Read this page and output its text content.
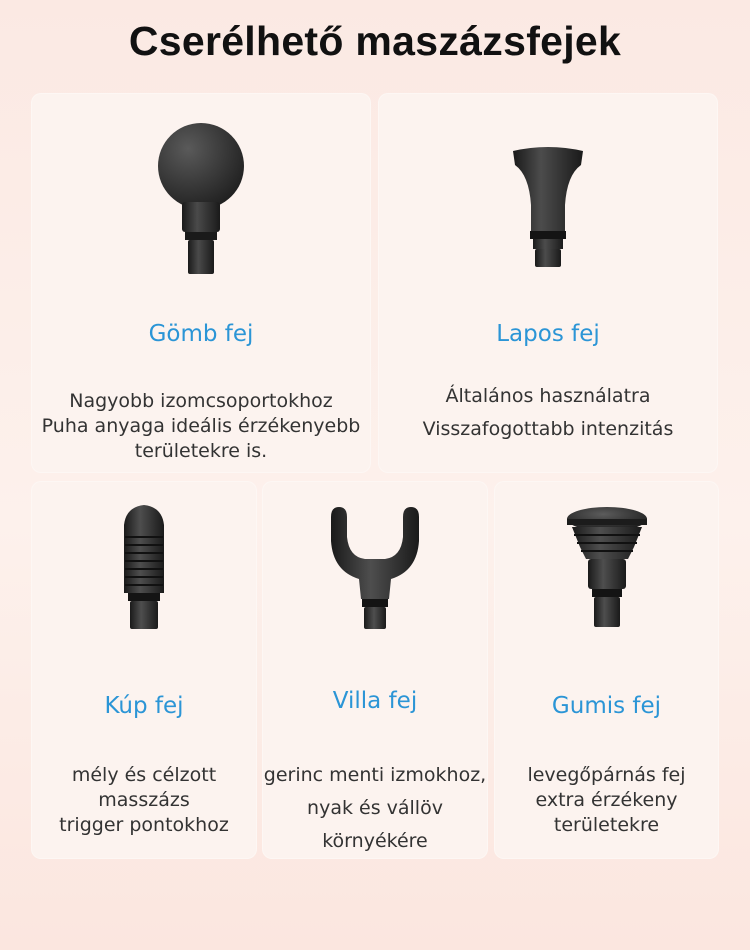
Cserélhető maszázsfejek
Gömb fej
Nagyobb izomcsoportokhoz
Puha anyaga ideális érzékenyebb
területekre is.
Lapos fej
Általános használatra
Visszafogottabb intenzitás
Kúp fej
mély és célzott
masszázs
trigger pontokhoz
Villa fej
gerinc menti izmokhoz,
nyak és vállöv
környékére
Gumis fej
levegőpárnás fej
extra érzékeny
területekre
